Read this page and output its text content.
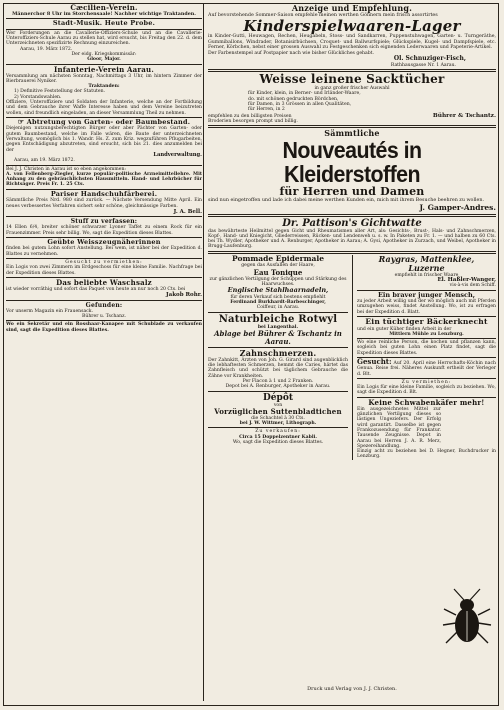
Cæcilien-Verein.

Männerchor 8 Uhr im Storchensaale! Nachher wichtige Traktanden.

Stadt-Musik. Heute Probe.

Wer Forderungen an die Cavallerie-Offiziers-Schule und an die Cavallerie-Unteroffiziers-Schule Aarau zu stellen hat, wird ersucht, bis Freitag den 22. d. dem Unterzeichneten spezifizirte Rechnung einzureichen.

Aarau, 19. März 1872.

Der eidg. Kriegskommissär:

Gloor, Major.

Infanterie-Verein Aarau.

Versammlung am nächsten Sonntag, Nachmittags 3 Uhr, im hintern Zimmer der Bierbrauerei Nyniker.

Traktanden:

1) Definitive Feststellung der Statuten.

2) Vorstandswahlen.

Offiziere, Unteroffiziere und Soldaten der Infanterie, welche an der Fortbildung und dem Gebrauche ihrer Waffe Interesse haben und dem Vereine beizutreten wollen, sind freundlich eingeladen, an dieser Versammlung Theil zu nehmen.

☞ Abtretung von Garten- oder Baumbestand.

Diejenigen nutzungsberechtigten Bürger oder aber Pächter von Garten- oder gutem Baumbestand, welche im Falle wären, die Baute der unterzeichneten Verwaltung, womöglich bis 1. Wandr. Hs. Z. zum Kriz. wegzuführen Pflugarbeiten, gegen Entschädigung abzutreten, sind ersucht, sich bis 21. dies anzumelden bei der

Landverwaltung.

Aarau, am 19. März 1872.

Bei J. J. Christen in Aarau ist so eben angekommen:

A. von Fellenberg-Ziegler, kurze populär-politische Arzneimittellehre. Mit Anhang zu den gebräuchlichsten Hausmitteln. Hand- und Lehrbücher für Richtsäger. Preis Fr. 1. 25 Cts.

Pariser Handschuhfärberei.

Sämmtliche Preis Nrd. 980 sind zurück. — Nächste Versendung Mitte April. Ein neues verbessertes Verfahren sichert sehr schöne, gleichmässige Farben.

J. A. Bell.

Stuff zu verfassen:

14 Ellen 6/4, breiter schöner schwarzer Lyoner Taffet zu einem Rock für ein Frauenzimmer. Preis sehr billig. Wo, sagt die Expedition dieses Blattes.

Geübte Weisszeugnäherinnen

finden bei gutem Lohn sofort Anstellung. Bei wem, ist näher bei der Expedition d. Blattes zu vernehmen.

Gesucht zu vermiethen:

Ein Logis von zwei Zimmern im Erdgeschoss für eine kleine Familie. Nachfrage bei der Expedition dieses Blattes.

Das beliebte Waschsalz

ist wieder vorräthig und sofort das Paquet von heute an nur noch 20 Cts. bei

Jakob Rohr.

Gefunden:

Vor unserm Magazin ein Frauensack.

Bührer u. Tschanz.

Wo ein Sekretär und ein Rosshaar-Kanapee mit Schublade zu verkaufen sind, sagt die Expedition dieses Blattes.

Anzeige und Empfehlung.

Auf bevorstehende Sommer-Saison empfehle meinen werthen Gönnern mein frisch assortirtes

Kinderspielwaaren-Lager

in Kinder-Gutti, Heuwagen, Rechen, Heugabeln, Stoss- und Sandkarren, Puppenstuhwagen, Garten- u. Turngeräthe, Gummiballons, Windrader, Botanisirbüchsen, Croquet- und Ballwurfspiele; Glückspiele, Kugel- und Dampfspiele, etc. Ferner, Körbchen, nebst einer grossen Auswahl zu Festgeschenken sich eignenden Lederwaaren und Papeterie-Artikel.

Der Farbenstempel auf Postpapier nach wie bisher Glückliches gehabt.

Ol. Schnuziger-Fisch,

Rathhausgasse Nr. 1 Aarau.

Weisse leinene Sacktücher

in ganz großer frischer Auswahl

für Kinder, klein, in Berner- und Irländer-Waare,

do. mit schönen gedruckten Bördchen,

für Damen, in 3 Grössen in allen Qualitäten,

für Herren, in 2

empfehlen zu den billigsten Preisen	Bührer & Tschantz.

Broderien besorgen prompt und billig.

Sämmtliche

Nouveautés in Kleiderstoffen

für Herren und Damen

sind nun eingetroffen und lade ich dabei meine werthen Kunden ein, mich mit ihrem Besuche beehren zu wollen.

J. Gamper-Andres.

Dr. Pattison's Gichtwatte

das bewährteste Heilmittel gegen Gicht und Rheumatismen aller Art, als: Gesichts-, Brust-, Hals- und Zahnschmerzen, Kopf-, Hand- und Kniegicht, Gliederreissen, Rücken- und Lendenweh u. s. w. In Paketen zu Fr. 1. — und halben zu 60 Cts. bei Th. Wydler, Apotheker und A. Renburger, Apotheker in Aarau; A. Gysi, Apotheker in Zurzach, und Weibel, Apotheker in Brugg-Laufenburg.

Pommade Epidermale

gegen das Ausfallen der Haare,

Eau Tonique

zur gänzlichen Vertilgung der Schuppen und Stärkung des Haarwuchses.

Englische Stahlhaarnadeln,

für deren Verkauf sich bestens empfiehlt

Ferdinand Burkhardt-Barbeschinger,

Coiffeur, in Aarau.

Naturbleiche Rotwyl

bei Langenthal.

Ablage bei Bührer & Tschantz in Aarau.

Zahnschmerzen.

Der Zahnkitt, Ärzten von Joh. G. Girard sind augenblicklich die lebhaftesten Schmerzen, hemmt die Caries, härtet das Zahnfleisch und schützt bei täglichem Gebrauche die Zähne vor Krankheiten.

Per Flacon à 1 und 2 Franken.

Depot bei A. Renburger, Apotheker in Aarau.

Dépôt

von

Vorzüglichen Suttenbladtichen

die Schachtel à 30 Cts.

bei J. W. Wittmer, Lithograph.

Zu verkaufen:

Circa 15 Doppelzentner Kabli.

Wo, sagt die Expedition dieses Blattes.

Raygras, Mattenklee,

Luzerne

empfiehlt in frischer Waare

El. Haßler-Wanger,

vis-à-vis dem Schiff.

Ein braver junger Mensch,

zu jeder Arbeit willig und der wo möglich auch mit Pferden umzugehen weiss, findet Anstellung. Wo, ist zu erfragen bei der Expedition d. Blatt.

Ein tüchtiger Bäckerknecht

und ein guter Küher finden Arbeit in der

Mittlern Mühle zu Lenzburg.

Wo eine reinliche Person, die kochen und pflanzen kann, sogleich bei guten Lohn einen Platz findet, sagt die Expedition dieses Blattes.

Gesucht: Auf 20. April eine Herrschafts-Köchin nach Genua. Reise frei. Näheres Auskunft ertheilt der Verleger d. Blt.

Zu vermiethen:

Ein Logis für eine kleine Familie, sogleich zu beziehen. Wo, sagt die Expedition d. Blt.

Keine Schwabenkäfer mehr!

Ein ausgezeichnetes Mittel zur gänzlichen Vertilgung dieses so lästigen Ungeziefers. Der Erfolg wird garantirt. Dasselbe ist gegen Frankozusendung für Frankatur. Tausende Zeugnisse. Depot in Aarau bei Herren J. A. R. Merz, Spezereihandlung.

Einzig acht zu beziehen bei D. Hegner, Buchdrucker in Lenzburg.

Druck und Verlag von J. J. Christen.
